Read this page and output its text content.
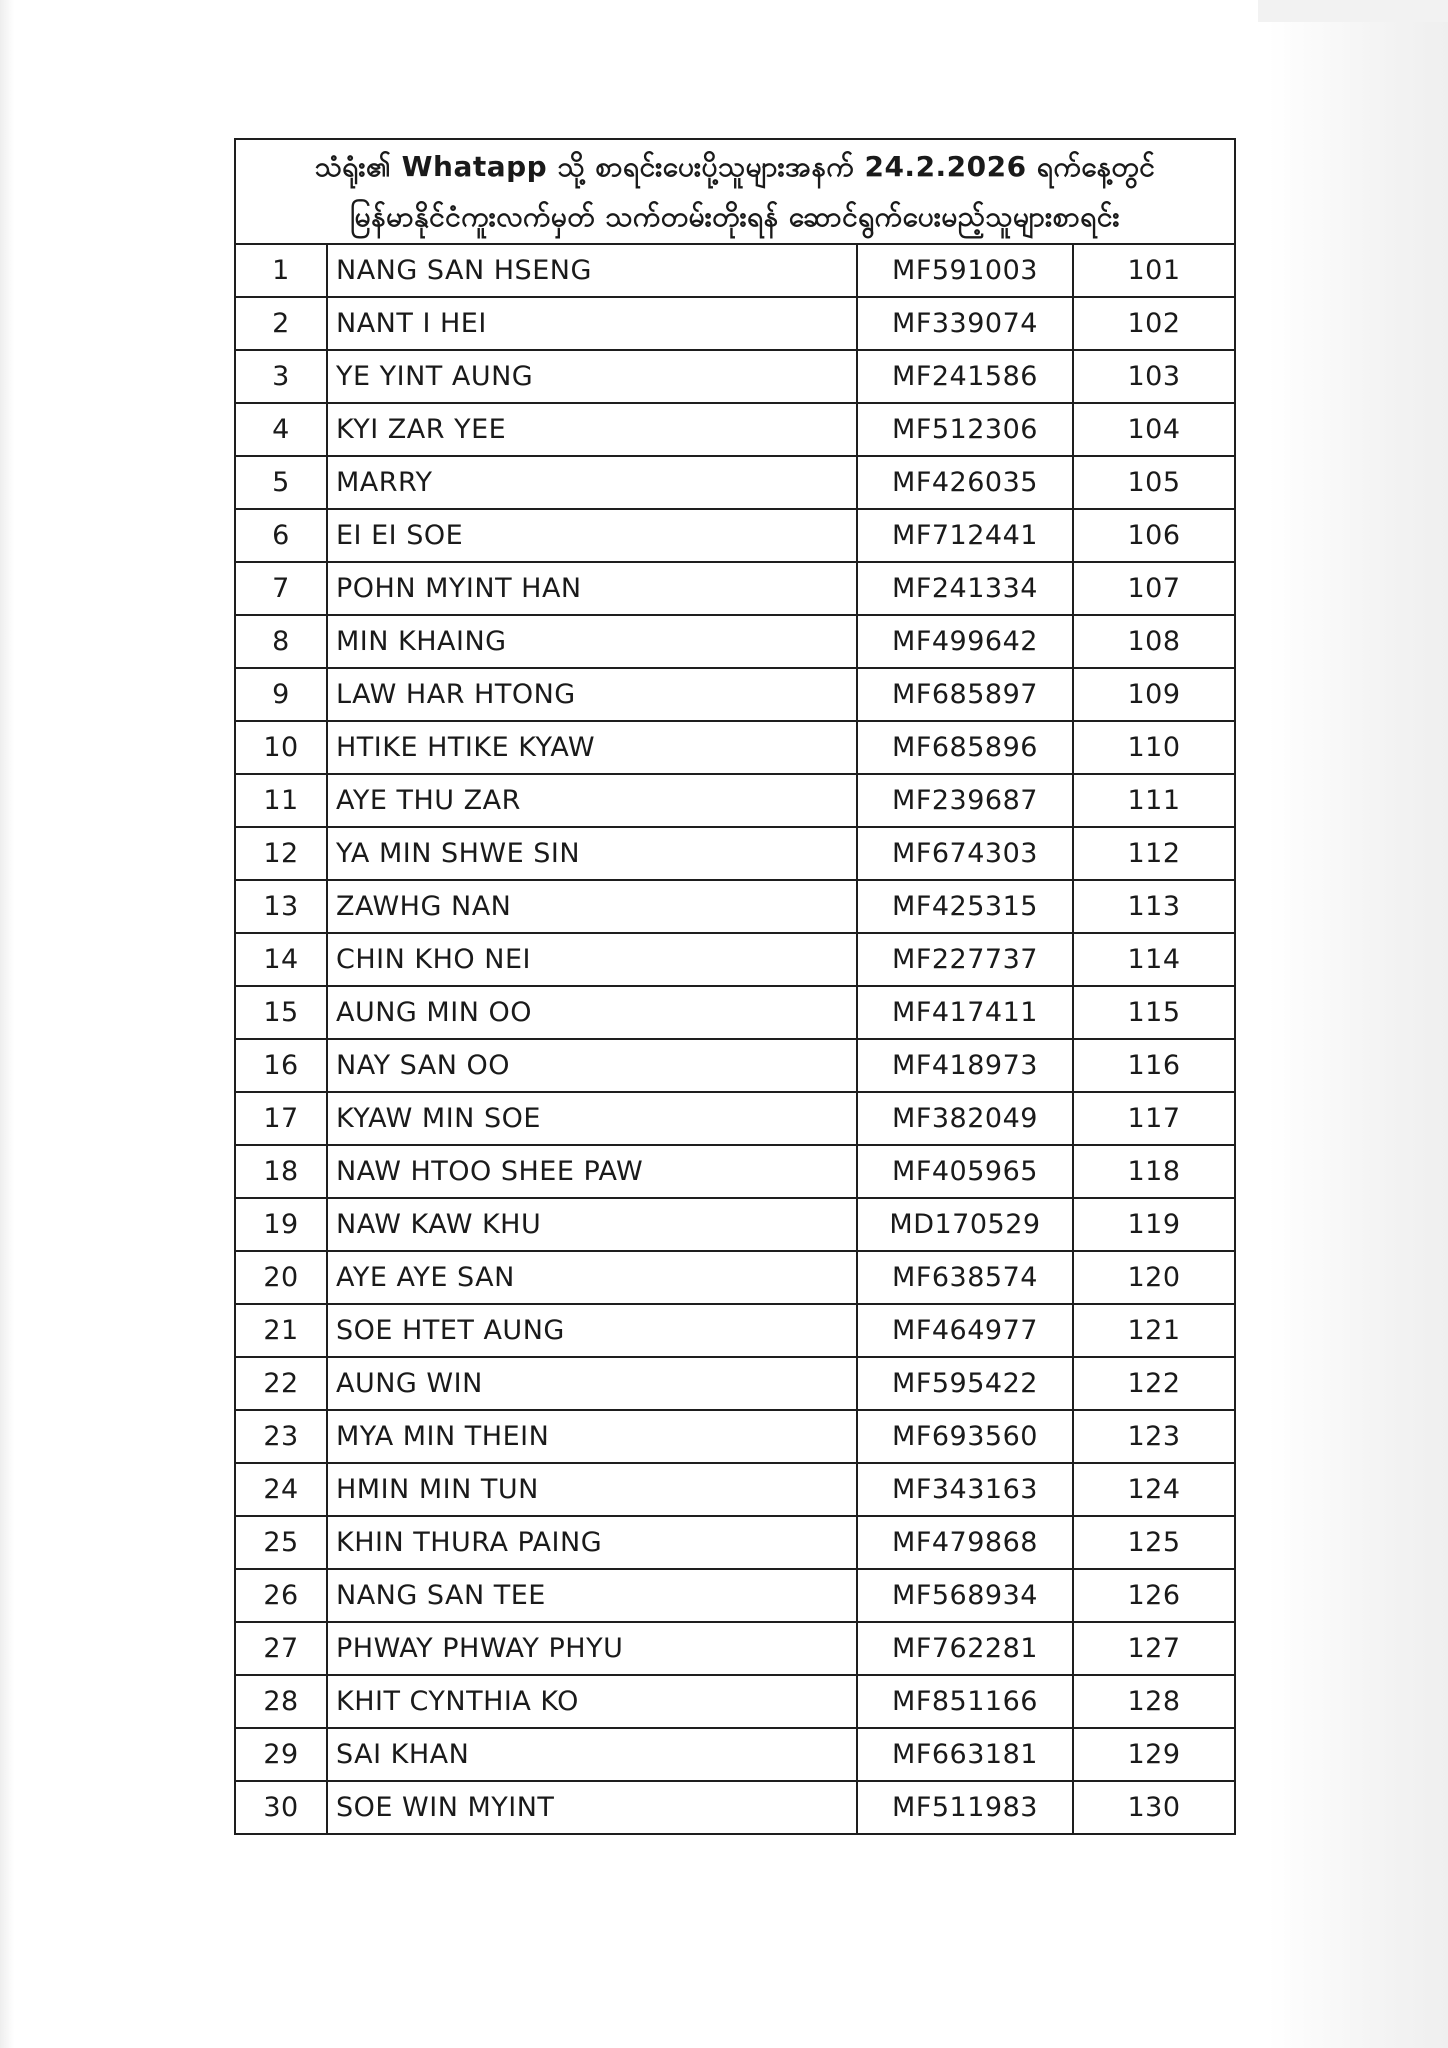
သံရုံး၏ Whatapp သို့ စာရင်းပေးပို့သူများအနက် 24.2.2026 ရက်နေ့တွင်
မြန်မာနိုင်ငံကူးလက်မှတ် သက်တမ်းတိုးရန် ဆောင်ရွက်ပေးမည့်သူများစာရင်း			

1	NANG SAN HSENG	MF591003	101
2	NANT I HEI	MF339074	102
3	YE YINT AUNG	MF241586	103
4	KYI ZAR YEE	MF512306	104
5	MARRY	MF426035	105
6	EI EI SOE	MF712441	106
7	POHN MYINT HAN	MF241334	107
8	MIN KHAING	MF499642	108
9	LAW HAR HTONG	MF685897	109
10	HTIKE HTIKE KYAW	MF685896	110
11	AYE THU ZAR	MF239687	111
12	YA MIN SHWE SIN	MF674303	112
13	ZAWHG NAN	MF425315	113
14	CHIN KHO NEI	MF227737	114
15	AUNG MIN OO	MF417411	115
16	NAY SAN OO	MF418973	116
17	KYAW MIN SOE	MF382049	117
18	NAW HTOO SHEE PAW	MF405965	118
19	NAW KAW KHU	MD170529	119
20	AYE AYE SAN	MF638574	120
21	SOE HTET AUNG	MF464977	121
22	AUNG WIN	MF595422	122
23	MYA MIN THEIN	MF693560	123
24	HMIN MIN TUN	MF343163	124
25	KHIN THURA PAING	MF479868	125
26	NANG SAN TEE	MF568934	126
27	PHWAY PHWAY PHYU	MF762281	127
28	KHIT CYNTHIA KO	MF851166	128
29	SAI KHAN	MF663181	129
30	SOE WIN MYINT	MF511983	130
